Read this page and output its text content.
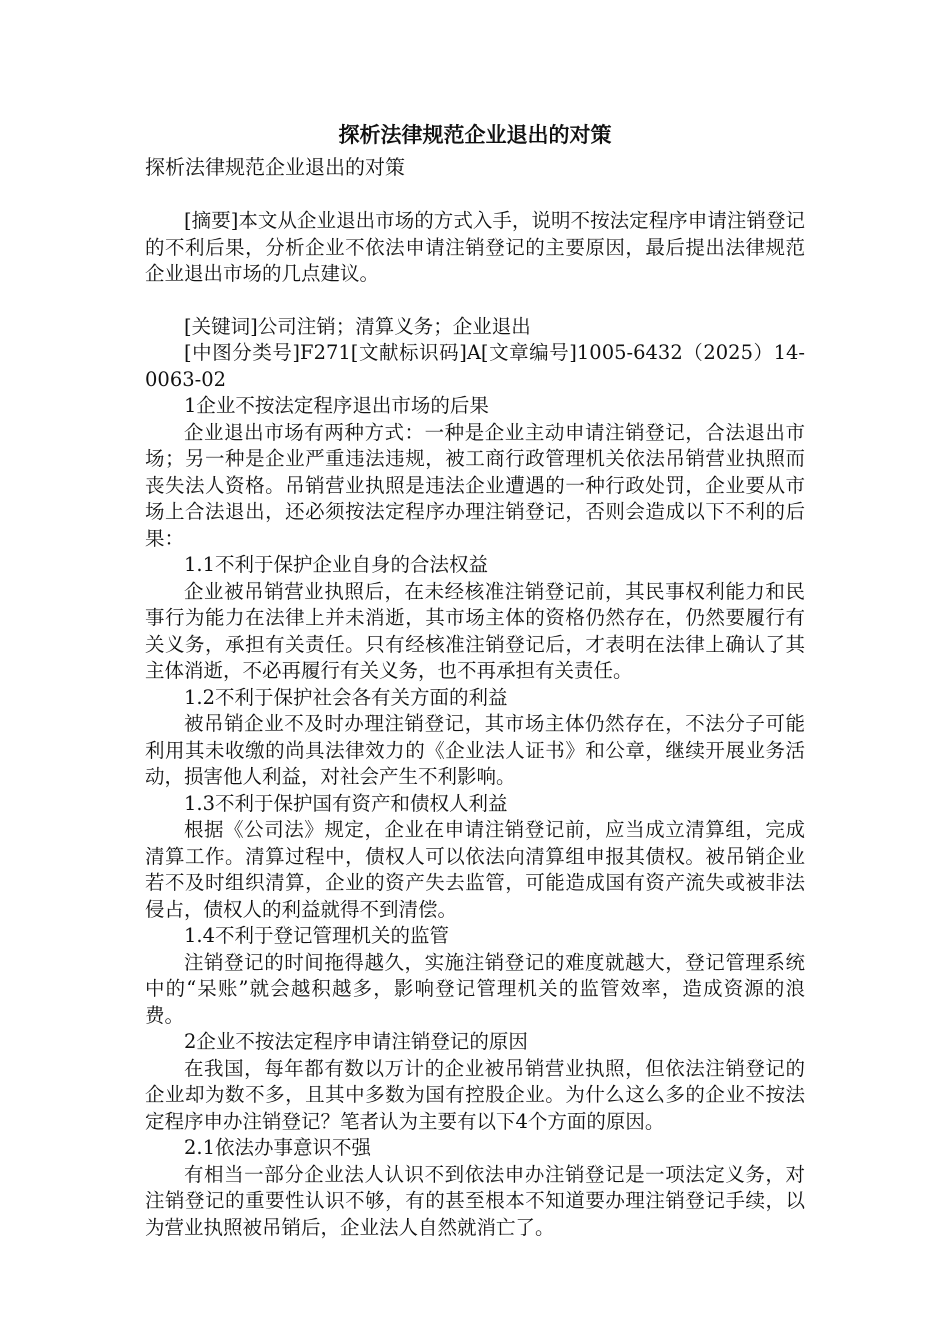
探析法律规范企业退出的对策

探析法律规范企业退出的对策

[摘要]本文从企业退出市场的方式入手，说明不按法定程序申请注销登记的不利后果，分析企业不依法申请注销登记的主要原因，最后提出法律规范企业退出市场的几点建议。

[关键词]公司注销；清算义务；企业退出

[中图分类号]F271[文献标识码]A[文章编号]1005-6432（2025）14-0063-02

1企业不按法定程序退出市场的后果

企业退出市场有两种方式：一种是企业主动申请注销登记，合法退出市场；另一种是企业严重违法违规，被工商行政管理机关依法吊销营业执照而丧失法人资格。吊销营业执照是违法企业遭遇的一种行政处罚，企业要从市场上合法退出，还必须按法定程序办理注销登记，否则会造成以下不利的后果：

1.1不利于保护企业自身的合法权益

企业被吊销营业执照后，在未经核准注销登记前，其民事权利能力和民事行为能力在法律上并未消逝，其市场主体的资格仍然存在，仍然要履行有关义务，承担有关责任。只有经核准注销登记后，才表明在法律上确认了其主体消逝，不必再履行有关义务，也不再承担有关责任。

1.2不利于保护社会各有关方面的利益

被吊销企业不及时办理注销登记，其市场主体仍然存在，不法分子可能利用其未收缴的尚具法律效力的《企业法人证书》和公章，继续开展业务活动，损害他人利益，对社会产生不利影响。

1.3不利于保护国有资产和债权人利益

根据《公司法》规定，企业在申请注销登记前，应当成立清算组，完成清算工作。清算过程中，债权人可以依法向清算组申报其债权。被吊销企业若不及时组织清算，企业的资产失去监管，可能造成国有资产流失或被非法侵占，债权人的利益就得不到清偿。

1.4不利于登记管理机关的监管

注销登记的时间拖得越久，实施注销登记的难度就越大，登记管理系统中的“呆账”就会越积越多，影响登记管理机关的监管效率，造成资源的浪费。

2企业不按法定程序申请注销登记的原因

在我国，每年都有数以万计的企业被吊销营业执照，但依法注销登记的企业却为数不多，且其中多数为国有控股企业。为什么这么多的企业不按法定程序申办注销登记？笔者认为主要有以下4个方面的原因。

2.1依法办事意识不强

有相当一部分企业法人认识不到依法申办注销登记是一项法定义务，对注销登记的重要性认识不够，有的甚至根本不知道要办理注销登记手续，以为营业执照被吊销后，企业法人自然就消亡了。
